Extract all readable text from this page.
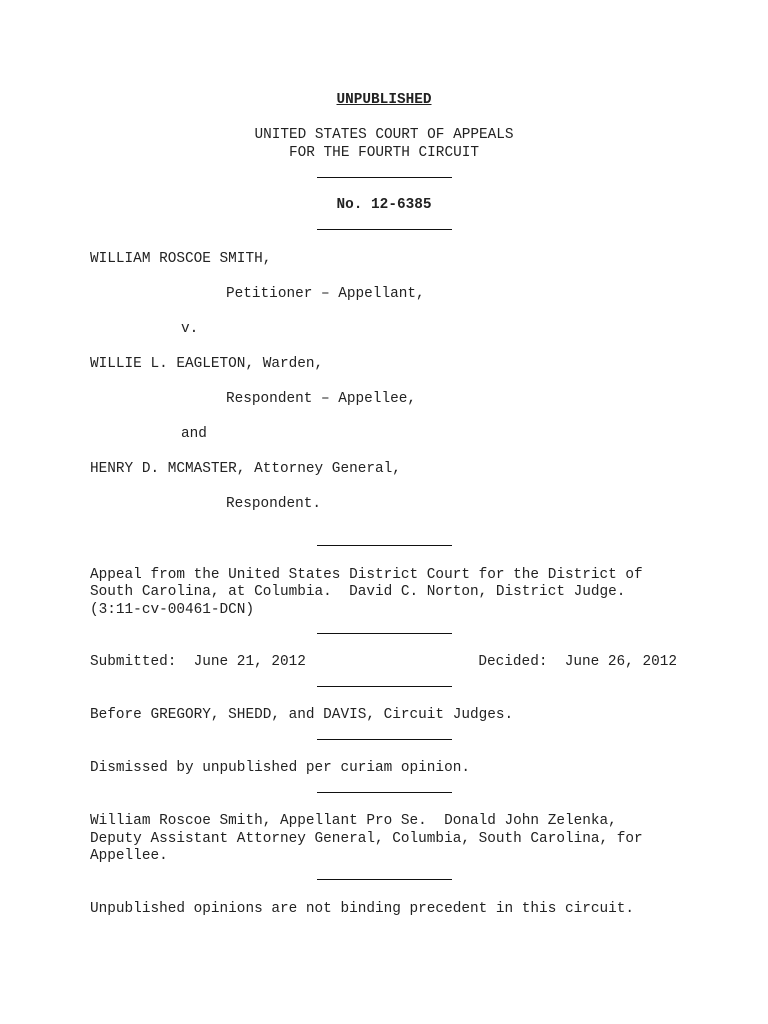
UNPUBLISHED
UNITED STATES COURT OF APPEALS
FOR THE FOURTH CIRCUIT
No. 12-6385
WILLIAM ROSCOE SMITH,
Petitioner – Appellant,
v.
WILLIE L. EAGLETON, Warden,
Respondent – Appellee,
and
HENRY D. MCMASTER, Attorney General,
Respondent.
Appeal from the United States District Court for the District of
South Carolina, at Columbia.  David C. Norton, District Judge.
(3:11-cv-00461-DCN)
Submitted:  June 21, 2012	Decided:  June 26, 2012
Before GREGORY, SHEDD, and DAVIS, Circuit Judges.
Dismissed by unpublished per curiam opinion.
William Roscoe Smith, Appellant Pro Se.  Donald John Zelenka,
Deputy Assistant Attorney General, Columbia, South Carolina, for
Appellee.
Unpublished opinions are not binding precedent in this circuit.
